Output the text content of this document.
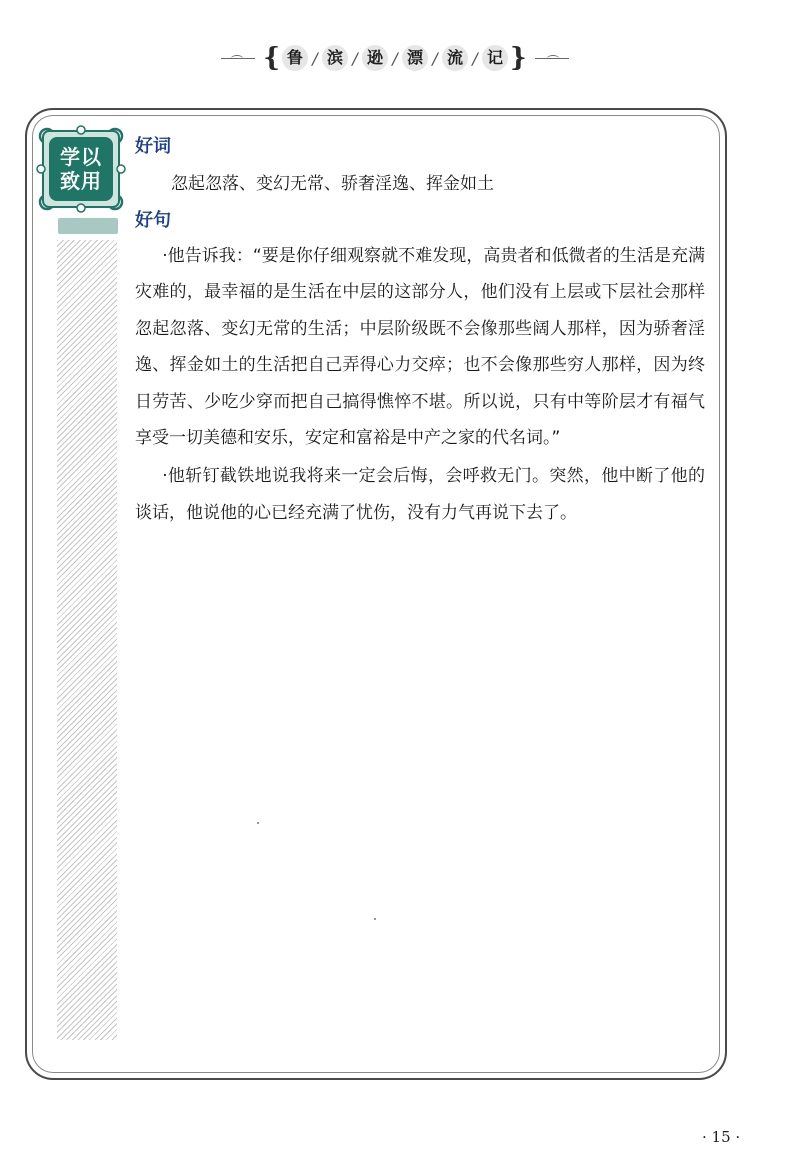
{ 鲁 / 滨 / 逊 / 漂 / 流 / 记 }
学以
致用
好词

忽起忽落、变幻无常、骄奢淫逸、挥金如土

好句

·他告诉我：“要是你仔细观察就不难发现，高贵者和低微者的生活是充满灾难的，最幸福的是生活在中层的这部分人，他们没有上层或下层社会那样忽起忽落、变幻无常的生活；中层阶级既不会像那些阔人那样，因为骄奢淫逸、挥金如土的生活把自己弄得心力交瘁；也不会像那些穷人那样，因为终日劳苦、少吃少穿而把自己搞得憔悴不堪。所以说，只有中等阶层才有福气享受一切美德和安乐，安定和富裕是中产之家的代名词。”

·他斩钉截铁地说我将来一定会后悔，会呼救无门。突然，他中断了他的谈话，他说他的心已经充满了忧伤，没有力气再说下去了。

· 15 ·
